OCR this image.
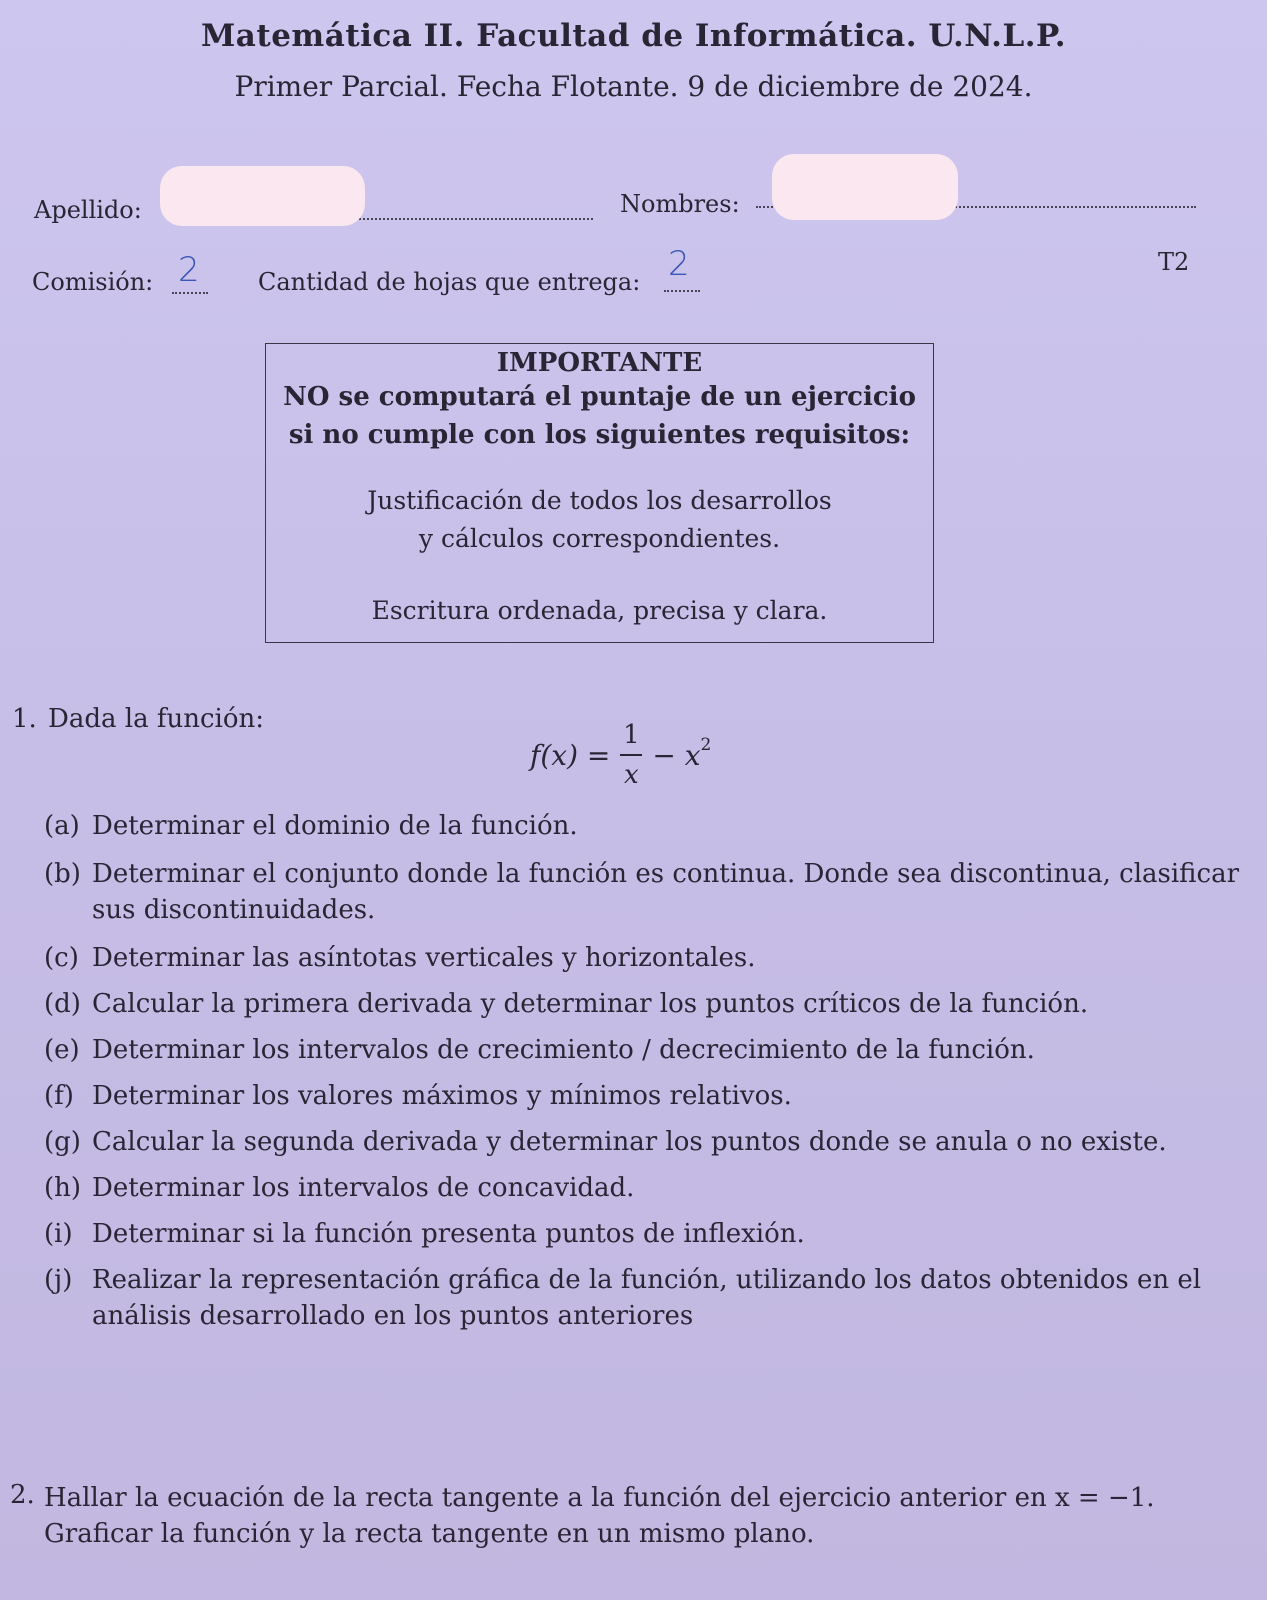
Matemática II. Facultad de Informática. U.N.L.P.
Primer Parcial. Fecha Flotante. 9 de diciembre de 2024.
Apellido:	Nombres:
Comisión: 2 Cantidad de hojas que entrega: 2	T2
IMPORTANTE
NO se computará el puntaje de un ejercicio
si no cumple con los siguientes requisitos:
Justificación de todos los desarrollos
y cálculos correspondientes.
Escritura ordenada, precisa y clara.
1. Dada la función:
$f(x) = \frac{1}{x} - x^2$
(a) Determinar el dominio de la función.
(b) Determinar el conjunto donde la función es continua. Donde sea discontinua, clasificar
sus discontinuidades.
(c) Determinar las asíntotas verticales y horizontales.
(d) Calcular la primera derivada y determinar los puntos críticos de la función.
(e) Determinar los intervalos de crecimiento / decrecimiento de la función.
(f) Determinar los valores máximos y mínimos relativos.
(g) Calcular la segunda derivada y determinar los puntos donde se anula o no existe.
(h) Determinar los intervalos de concavidad.
(i) Determinar si la función presenta puntos de inflexión.
(j) Realizar la representación gráfica de la función, utilizando los datos obtenidos en el
análisis desarrollado en los puntos anteriores
2. Hallar la ecuación de la recta tangente a la función del ejercicio anterior en x = −1.
Graficar la función y la recta tangente en un mismo plano.
